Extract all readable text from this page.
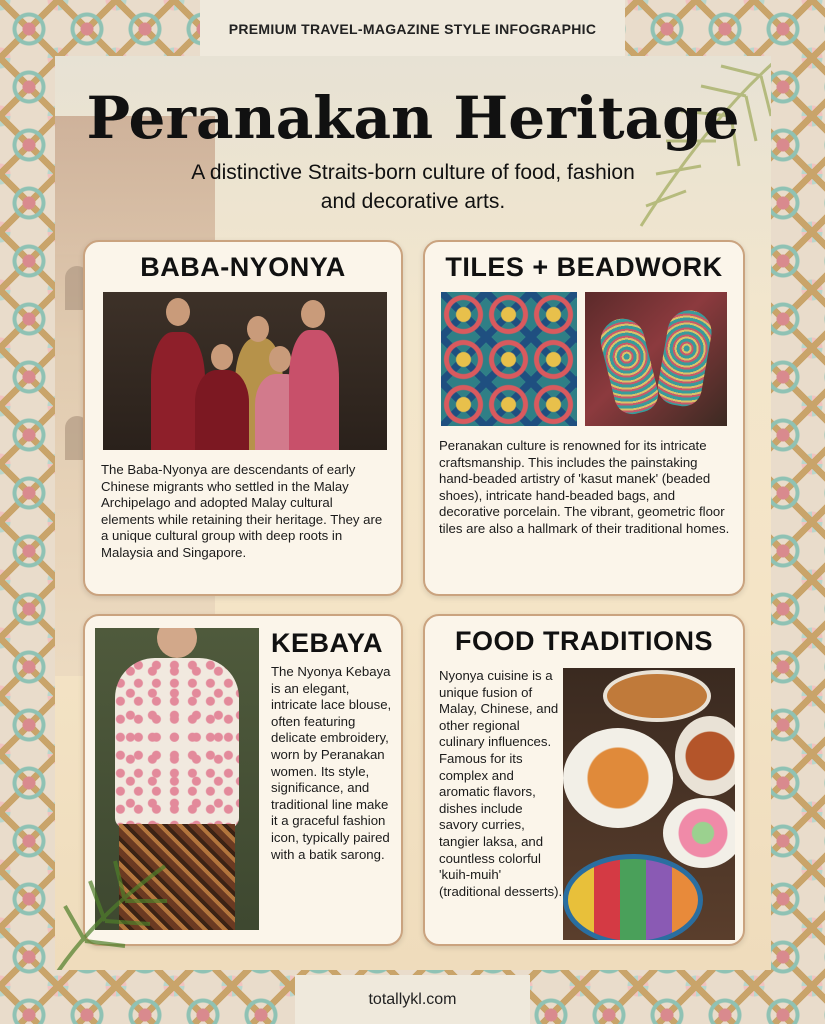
PREMIUM TRAVEL-MAGAZINE STYLE INFOGRAPHIC
Peranakan Heritage

A distinctive Straits-born culture of food, fashion and decorative arts.

BABA-NYONYA

The Baba-Nyonya are descendants of early Chinese migrants who settled in the Malay Archipelago and adopted Malay cultural elements while retaining their heritage. They are a unique cultural group with deep roots in Malaysia and Singapore.

TILES + BEADWORK

Peranakan culture is renowned for its intricate craftsmanship. This includes the painstaking hand-beaded artistry of 'kasut manek' (beaded shoes), intricate hand-beaded bags, and decorative porcelain. The vibrant, geometric floor tiles are also a hallmark of their traditional homes.

KEBAYA

The Nyonya Kebaya is an elegant, intricate lace blouse, often featuring delicate embroidery, worn by Peranakan women. Its style, significance, and traditional line make it a graceful fashion icon, typically paired with a batik sarong.

FOOD TRADITIONS

Nyonya cuisine is a unique fusion of Malay, Chinese, and other regional culinary influences. Famous for its complex and aromatic flavors, dishes include savory curries, tangier laksa, and countless colorful 'kuih-muih' (traditional desserts).

totallykl.com
